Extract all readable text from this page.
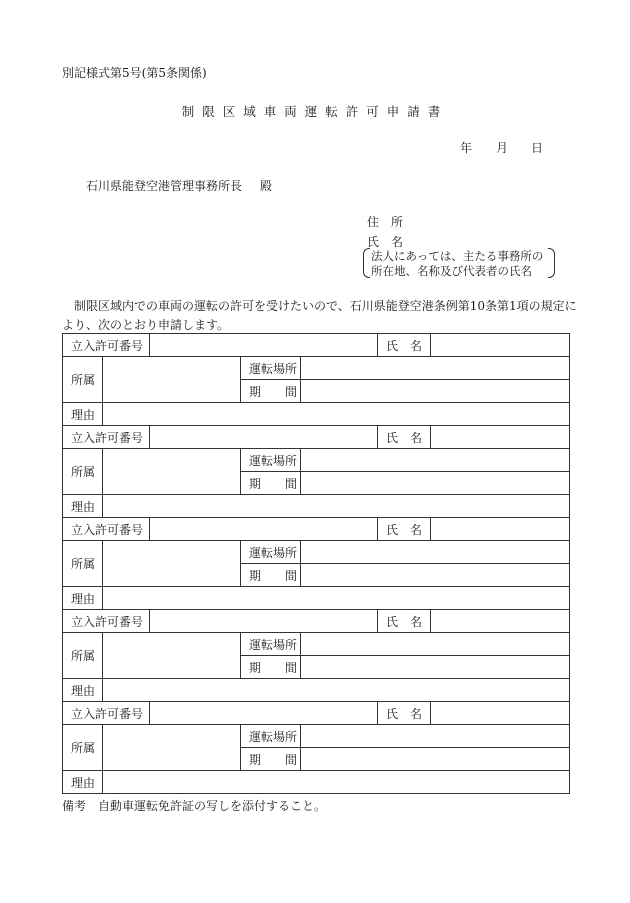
別記様式第5号(第5条関係)
制限区域車両運転許可申請書
年 月 日
石川県能登空港管理事務所長 殿
住　所
氏　名
法人にあっては、主たる事務所の
所在地、名称及び代表者の氏名
制限区域内での車両の運転の許可を受けたいので、石川県能登空港条例第10条第1項の規定に
より、次のとおり申請します。
立入許可番号					氏　名	
所属			運転場所			
			期　　間			
理由						
立入許可番号					氏　名	
所属			運転場所			
			期　　間			
理由						
立入許可番号					氏　名	
所属			運転場所			
			期　　間			
理由						
立入許可番号					氏　名	
所属			運転場所			
			期　　間			
理由						
立入許可番号					氏　名	
所属			運転場所			
			期　　間			
理由						
備考　自動車運転免許証の写しを添付すること。
